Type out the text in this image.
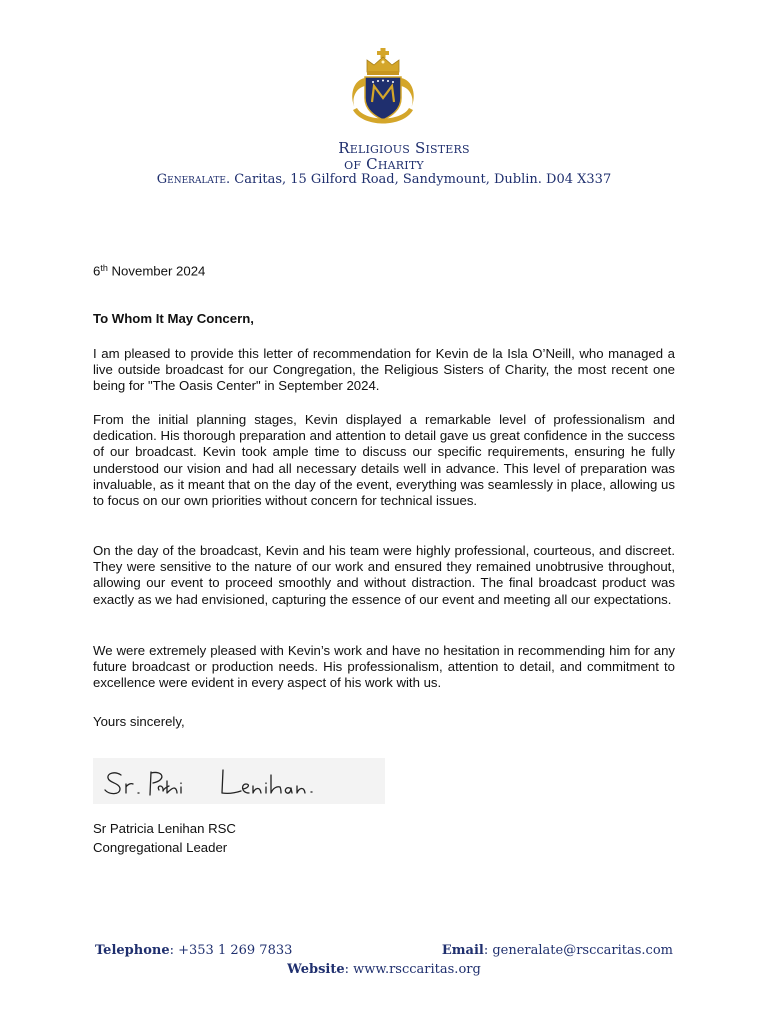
Religious Sisters
of Charity
Generalate. Caritas, 15 Gilford Road, Sandymount, Dublin. D04 X337
6th November 2024
To Whom It May Concern,
I am pleased to provide this letter of recommendation for Kevin de la Isla O’Neill, who managed a live outside broadcast for our Congregation, the Religious Sisters of Charity, the most recent one being for "The Oasis Center" in September 2024.
From the initial planning stages, Kevin displayed a remarkable level of professionalism and dedication. His thorough preparation and attention to detail gave us great confidence in the success of our broadcast. Kevin took ample time to discuss our specific requirements, ensuring he fully understood our vision and had all necessary details well in advance. This level of preparation was invaluable, as it meant that on the day of the event, everything was seamlessly in place, allowing us to focus on our own priorities without concern for technical issues.
On the day of the broadcast, Kevin and his team were highly professional, courteous, and discreet. They were sensitive to the nature of our work and ensured they remained unobtrusive throughout, allowing our event to proceed smoothly and without distraction. The final broadcast product was exactly as we had envisioned, capturing the essence of our event and meeting all our expectations.
We were extremely pleased with Kevin’s work and have no hesitation in recommending him for any future broadcast or production needs. His professionalism, attention to detail, and commitment to excellence were evident in every aspect of his work with us.
Yours sincerely,
Sr Patricia Lenihan RSC
Congregational Leader
Telephone: +353 1 269 7833	Email: generalate@rsccaritas.com
Website: www.rsccaritas.org
